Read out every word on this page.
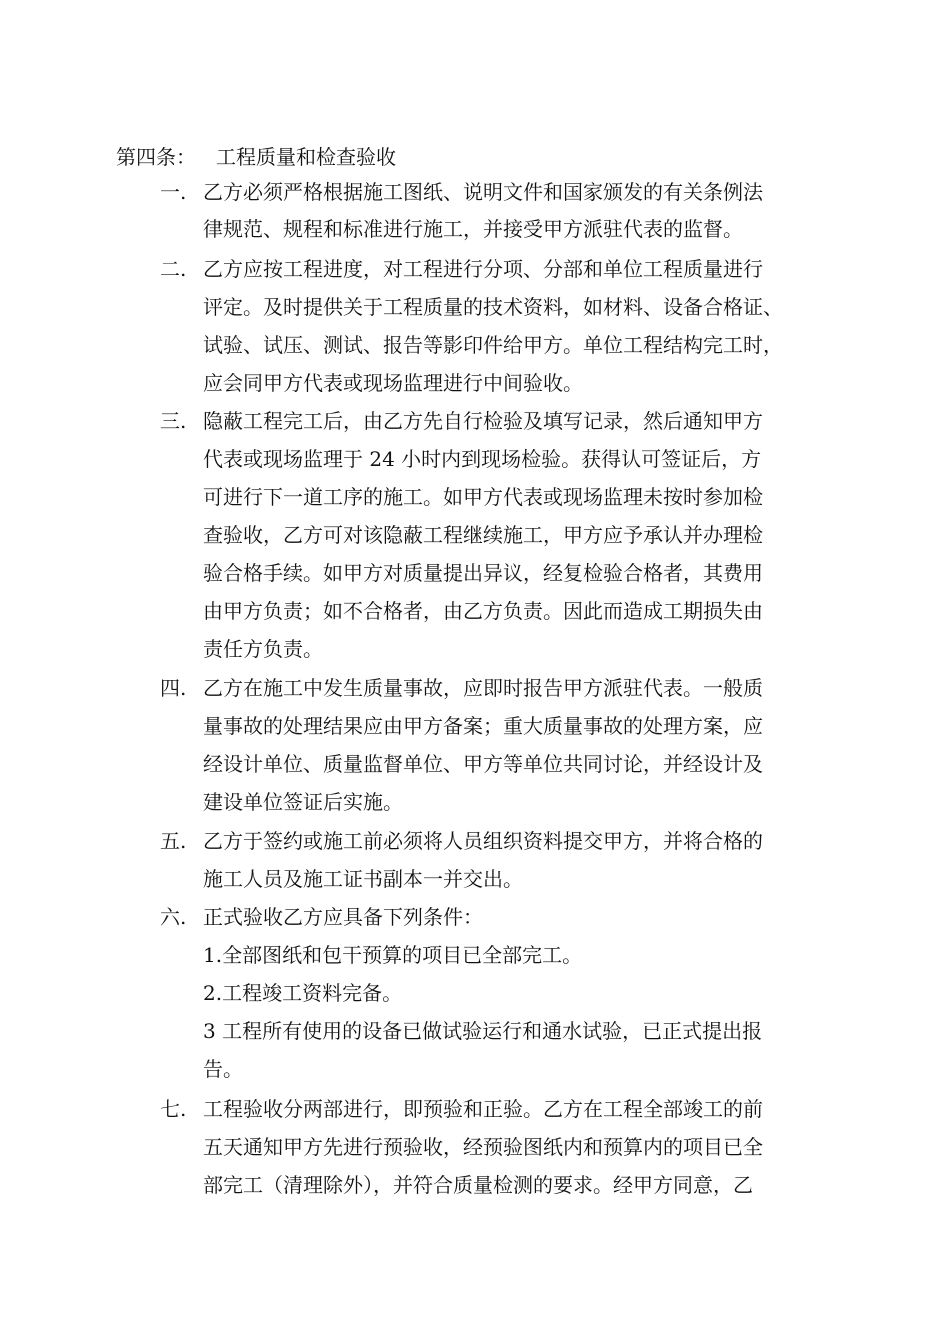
第四条： 工程质量和检查验收
一. 乙方必须严格根据施工图纸、说明文件和国家颁发的有关条例法
律规范、规程和标准进行施工，并接受甲方派驻代表的监督。
二. 乙方应按工程进度，对工程进行分项、分部和单位工程质量进行
评定。及时提供关于工程质量的技术资料，如材料、设备合格证、
试验、试压、测试、报告等影印件给甲方。单位工程结构完工时，
应会同甲方代表或现场监理进行中间验收。
三. 隐蔽工程完工后，由乙方先自行检验及填写记录，然后通知甲方
代表或现场监理于 24 小时内到现场检验。获得认可签证后，方
可进行下一道工序的施工。如甲方代表或现场监理未按时参加检
查验收，乙方可对该隐蔽工程继续施工，甲方应予承认并办理检
验合格手续。如甲方对质量提出异议，经复检验合格者，其费用
由甲方负责；如不合格者，由乙方负责。因此而造成工期损失由
责任方负责。
四. 乙方在施工中发生质量事故，应即时报告甲方派驻代表。一般质
量事故的处理结果应由甲方备案；重大质量事故的处理方案，应
经设计单位、质量监督单位、甲方等单位共同讨论，并经设计及
建设单位签证后实施。
五. 乙方于签约或施工前必须将人员组织资料提交甲方，并将合格的
施工人员及施工证书副本一并交出。
六. 正式验收乙方应具备下列条件：
1.全部图纸和包干预算的项目已全部完工。
2.工程竣工资料完备。
3 工程所有使用的设备已做试验运行和通水试验，已正式提出报
告。
七. 工程验收分两部进行，即预验和正验。乙方在工程全部竣工的前
五天通知甲方先进行预验收，经预验图纸内和预算内的项目已全
部完工（清理除外），并符合质量检测的要求。经甲方同意，乙
